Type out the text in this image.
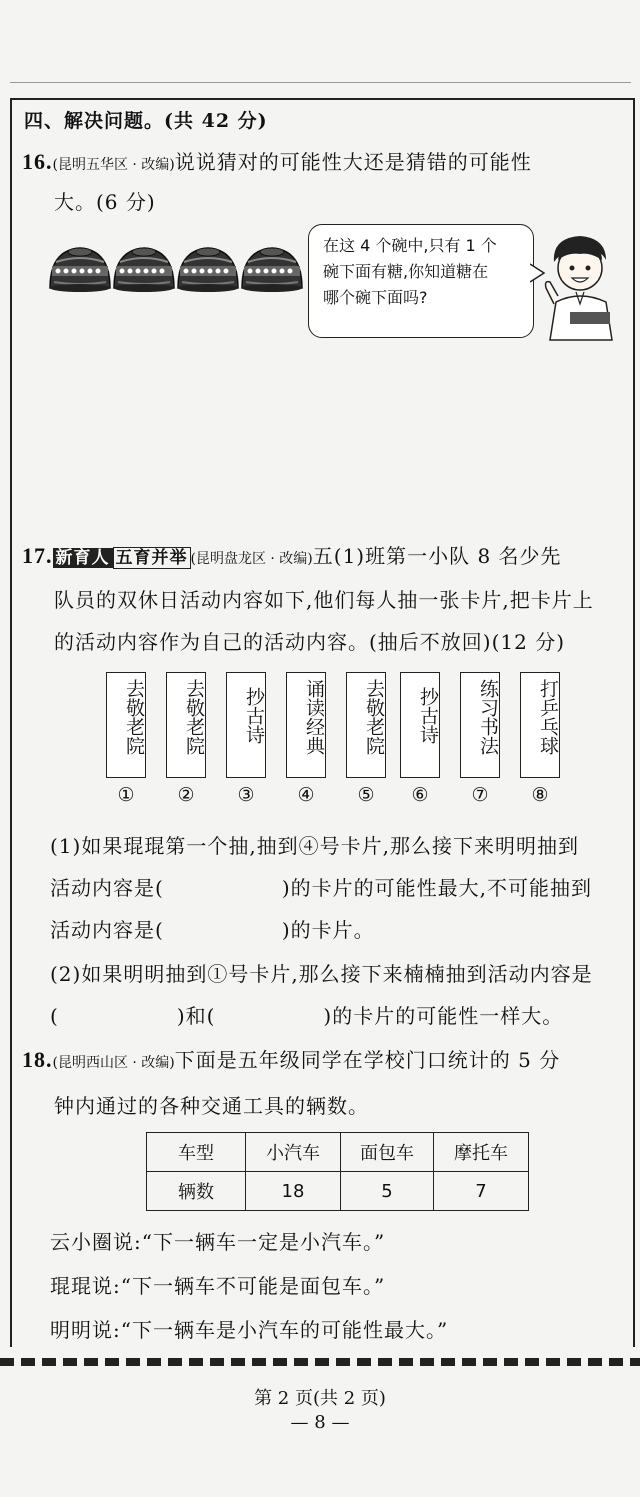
四、解决问题。(共 42 分)
16.(昆明五华区 · 改编)说说猜对的可能性大还是猜错的可能性
大。(6 分)
在这 4 个碗中,只有 1 个
碗下面有糖,你知道糖在
哪个碗下面吗?
17. 新育人 五育并举 (昆明盘龙区 · 改编)五(1)班第一小队 8 名少先
队员的双休日活动内容如下,他们每人抽一张卡片,把卡片上
的活动内容作为自己的活动内容。(抽后不放回)(12 分)
去敬老院	去敬老院	抄古诗	诵读经典	去敬老院	抄古诗	练习书法	打乒乓球
①	②	③	④	⑤	⑥	⑦	⑧
(1)如果琨琨第一个抽,抽到④号卡片,那么接下来明明抽到
活动内容是(	)的卡片的可能性最大,不可能抽到
活动内容是(	)的卡片。
(2)如果明明抽到①号卡片,那么接下来楠楠抽到活动内容是
(	)和(	)的卡片的可能性一样大。
18.(昆明西山区 · 改编)下面是五年级同学在学校门口统计的 5 分
钟内通过的各种交通工具的辆数。
车型	小汽车	面包车	摩托车
辆数	18	5	7
云小圈说:“下一辆车一定是小汽车。”
琨琨说:“下一辆车不可能是面包车。”
明明说:“下一辆车是小汽车的可能性最大。”
第 2 页(共 2 页)
— 8 —
